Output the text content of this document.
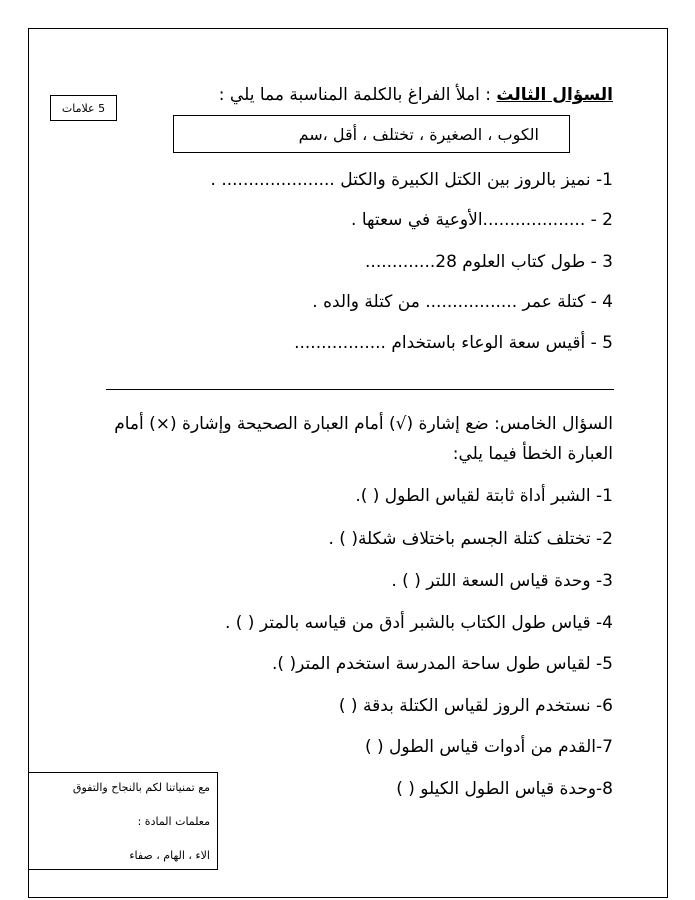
السؤال الثالث : املأ الفراغ بالكلمة المناسبة مما يلي :
5 علامات
الكوب ، الصغيرة ، تختلف ، أقل ،سم
1- نميز بالروز بين الكتل الكبيرة والكتل ..................... .
2 - ...................الأوعية في سعتها .
3 - طول كتاب العلوم 28.............
4 - كتلة عمر ................. من كتلة والده .
5 - أقيس سعة الوعاء باستخدام .................
السؤال الخامس: ضع إشارة (√) أمام العبارة الصحيحة وإشارة (×) أمام
العبارة الخطأ فيما يلي:
1- الشبر أداة ثابتة لقياس الطول ( ).
2- تختلف كتلة الجسم باختلاف شكلة( ) .
3- وحدة قياس السعة اللتر ( ) .
4- قياس طول الكتاب بالشبر أدق من قياسه بالمتر ( ) .
5- لقياس طول ساحة المدرسة استخدم المتر( ).
6- نستخدم الروز لقياس الكتلة بدقة ( )
7-القدم من أدوات قياس الطول ( )
8-وحدة قياس الطول الكيلو ( )
مع تمنياتنا لكم بالنجاح والتفوق
معلمات المادة :
الاء ، الهام ، صفاء
